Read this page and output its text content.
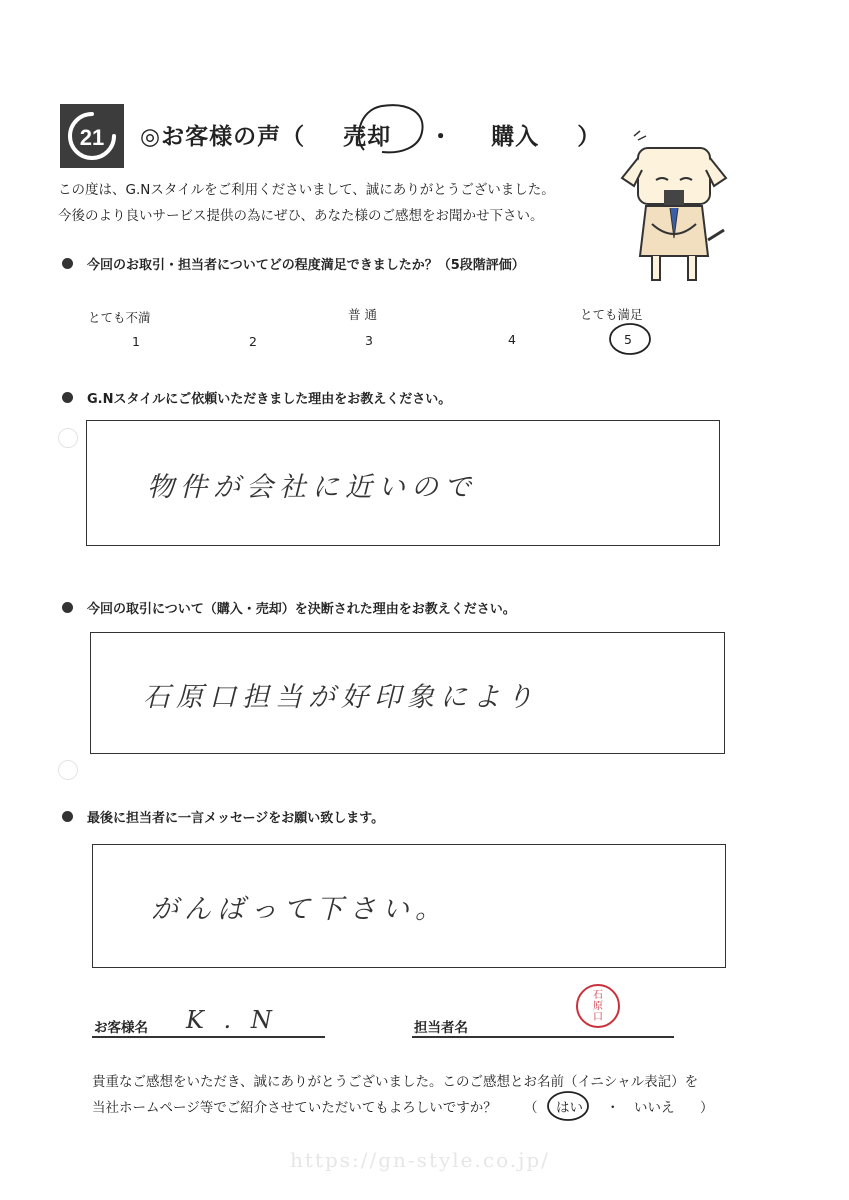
21 ◎お客様の声（ 売却 ・ 購入 ）
この度は、G.Nスタイルをご利用くださいまして、誠にありがとうございました。
今後のより良いサービス提供の為にぜひ、あなた様のご感想をお聞かせ下さい。
今回のお取引・担当者についてどの程度満足できましたか？（5段階評価）
とても不満	普 通	とても満足
1	2	3	4	5
G.Nスタイルにご依頼いただきました理由をお教えください。
物件が会社に近いので
今回の取引について（購入・売却）を決断された理由をお教えください。
石原口担当が好印象により
最後に担当者に一言メッセージをお願い致します。
がんばって下さい。
お客様名 K . N	担当者名
石
原
口
貴重なご感想をいただき、誠にありがとうございました。このご感想とお名前（イニシャル表記）を
当社ホームページ等でご紹介させていただいてもよろしいですか？ （ はい ・ いいえ ）
https://gn-style.co.jp/
